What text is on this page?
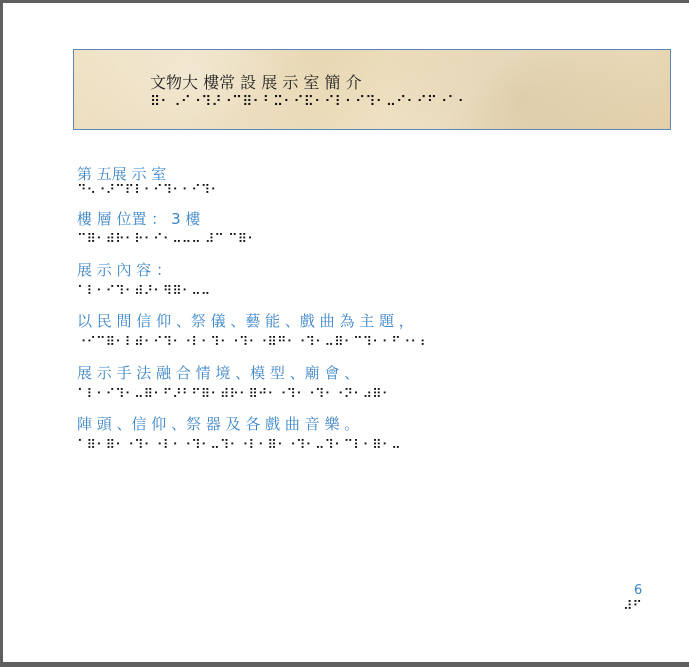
文物大 樓常 設 展 示 室 簡 介
⠿⠂⠠⠊⠐⠹⠜⠐⠉⠿⠂⠃⠭⠂⠊⠯⠂⠊⠇⠂⠊⠹⠂⠤⠊⠂⠊⠋⠐⠁⠂
第 五展 示 室
⠙⠢⠐⠜⠉⠏⠇⠂⠊⠹⠂⠂⠊⠹⠂
樓 層 位置 ： 3 樓
⠉⠿⠂⠾⠗⠂⠗⠂⠊⠂⠤⠤⠤ ⠼⠉ ⠉⠿⠂
展 示 內 容 ：
⠁⠇⠂⠊⠹⠂⠾⠜⠂⠻⠿⠂⠤⠤
以 民 間 信 仰 、祭 儀 、藝 能 、戲 曲 為 主 題 ，
⠐⠊⠉⠿⠂⠇⠾⠂⠊⠹⠂⠐⠇⠂⠹⠂⠐⠹⠂⠐⠿⠛⠂⠐⠹⠂⠤⠿⠂⠉⠹⠂⠂⠋⠐⠂⠆
展 示 手 法 融 合 情 境 、模 型 、廟 會 、
⠁⠇⠂⠊⠹⠂⠤⠿⠂⠋⠜⠃⠋⠿⠂⠾⠗⠂⠿⠚⠂⠐⠹⠂⠐⠹⠂⠐⠝⠂⠴⠿⠂
陣 頭 、信 仰 、祭 器 及 各 戲 曲 音 樂 。
⠁⠿⠂⠿⠂⠐⠹⠂⠐⠇⠂⠐⠹⠂⠤⠹⠂⠐⠇⠂⠿⠂⠐⠹⠂⠤⠹⠂⠉⠇⠂⠿⠂⠤
6
⠼⠋
